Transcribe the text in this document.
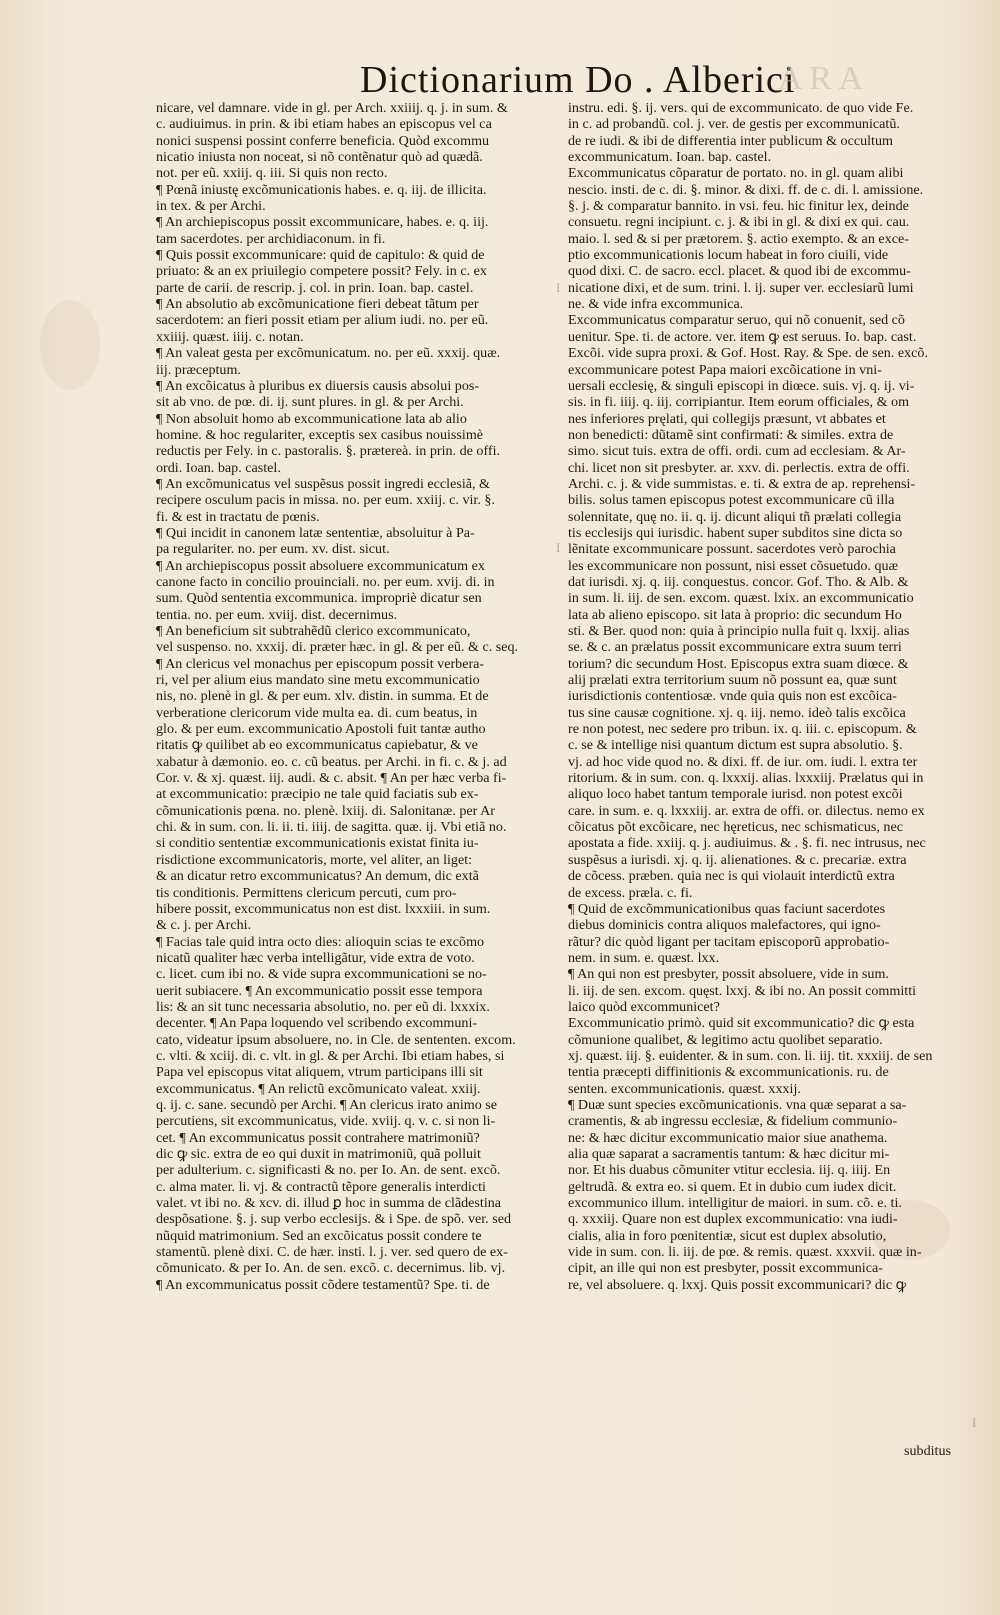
Dictionarium Do . Alberici
A R A
nicare, vel damnare. vide in gl. per Arch. xxiiij. q. j. in sum. &
c. audiuimus. in prin. & ibi etiam habes an episcopus vel ca
nonici suspensi possint conferre beneficia. Quòd excommu
nicatio iniusta non noceat, si nõ contẽnatur quò ad quædã.
not. per eũ. xxiij. q. iii. Si quis non recto.
¶ Pœnã iniustę excõmunicationis habes. e. q. iij. de illicita.
in tex. & per Archi.
¶ An archiepiscopus possit excommunicare, habes. e. q. iij.
tam sacerdotes. per archidiaconum. in fi.
¶ Quis possit excommunicare: quid de capitulo: & quid de
priuato: & an ex priuilegio competere possit? Fely. in c. ex
parte de carii. de rescrip. j. col. in prin. Ioan. bap. castel.
¶ An absolutio ab excõmunicatione fieri debeat tãtum per
sacerdotem: an fieri possit etiam per alium iudi. no. per eũ.
xxiiij. quæst. iiij. c. notan.
¶ An valeat gesta per excõmunicatum. no. per eũ. xxxij. quæ.
iij. præceptum.
¶ An excõicatus à pluribus ex diuersis causis absolui pos-
sit ab vno. de pœ. di. ij. sunt plures. in gl. & per Archi.
¶ Non absoluit homo ab excommunicatione lata ab alio
homine. & hoc regulariter, exceptis sex casibus nouissimè
reductis per Fely. in c. pastoralis. §. prætereà. in prin. de offi.
ordi. Ioan. bap. castel.
¶ An excõmunicatus vel suspẽsus possit ingredi ecclesiã, &
recipere osculum pacis in missa. no. per eum. xxiij. c. vir. §.
fi. & est in tractatu de pœnis.
¶ Qui incidit in canonem latæ sententiæ, absoluitur à Pa-
pa regulariter. no. per eum. xv. dist. sicut.
¶ An archiepiscopus possit absoluere excommunicatum ex
canone facto in concilio prouinciali. no. per eum. xvij. di. in
sum. Quòd sententia excommunica. impropriè dicatur sen
tentia. no. per eum. xviij. dist. decernimus.
¶ An beneficium sit subtrahẽdũ clerico excommunicato,
vel suspenso. no. xxxij. di. præter hæc. in gl. & per eũ. & c. seq.
¶ An clericus vel monachus per episcopum possit verbera-
ri, vel per alium eius mandato sine metu excommunicatio
nis, no. plenè in gl. & per eum. xlv. distin. in summa. Et de
verberatione clericorum vide multa ea. di. cum beatus, in
glo. & per eum. excommunicatio Apostoli fuit tantæ autho
ritatis ꝙ quilibet ab eo excommunicatus capiebatur, & ve
xabatur à dæmonio. eo. c. cũ beatus. per Archi. in fi. c. & j. ad
Cor. v. & xj. quæst. iij. audi. & c. absit. ¶ An per hæc verba fi-
at excommunicatio: præcipio ne tale quid faciatis sub ex-
cõmunicationis pœna. no. plenè. lxiij. di. Salonitanæ. per Ar
chi. & in sum. con. li. ii. ti. iiij. de sagitta. quæ. ij. Vbi etiã no.
si conditio sententiæ excommunicationis existat finita iu-
risdictione excommunicatoris, morte, vel aliter, an liget:
& an dicatur retro excommunicatus? An demum, dic extã
tis conditionis. Permittens clericum percuti, cum pro-
hibere possit, excommunicatus non est dist. lxxxiii. in sum.
& c. j. per Archi.
¶ Facias tale quid intra octo dies: alioquin scias te excõmo
nicatũ qualiter hæc verba intelligãtur, vide extra de voto.
c. licet. cum ibi no. & vide supra excommunicationi se no-
uerit subiacere. ¶ An excommunicatio possit esse tempora
lis: & an sit tunc necessaria absolutio, no. per eũ di. lxxxix.
decenter. ¶ An Papa loquendo vel scribendo excommuni-
cato, videatur ipsum absoluere, no. in Cle. de sententen. excom.
c. vlti. & xciij. di. c. vlt. in gl. & per Archi. Ibi etiam habes, si
Papa vel episcopus vitat aliquem, vtrum participans illi sit
excommunicatus. ¶ An relictũ excõmunicato valeat. xxiij.
q. ij. c. sane. secundò per Archi. ¶ An clericus irato animo se
percutiens, sit excommunicatus, vide. xviij. q. v. c. si non li-
cet. ¶ An excommunicatus possit contrahere matrimoniũ?
dic ꝙ sic. extra de eo qui duxit in matrimoniũ, quã polluit
per adulterium. c. significasti & no. per Io. An. de sent. excõ.
c. alma mater. li. vj. & contractũ tẽpore generalis interdicti
valet. vt ibi no. & xcv. di. illud ꝑ hoc in summa de clãdestina
despõsatione. §. j. sup verbo ecclesijs. & i Spe. de spõ. ver. sed
nũquid matrimonium. Sed an excõicatus possit condere te
stamentũ. plenè dixi. C. de hær. insti. l. j. ver. sed quero de ex-
cõmunicato. & per Io. An. de sen. excõ. c. decernimus. lib. vj.
¶ An excommunicatus possit cõdere testamentũ? Spe. ti. de
instru. edi. §. ij. vers. qui de excommunicato. de quo vide Fe.
in c. ad probandũ. col. j. ver. de gestis per excommunicatũ.
de re iudi. & ibi de differentia inter publicum & occultum
excommunicatum. Ioan. bap. castel.
Excommunicatus cõparatur de portato. no. in gl. quam alibi
nescio. insti. de c. di. §. minor. & dixi. ff. de c. di. l. amissione.
§. j. & comparatur bannito. in vsi. feu. hic finitur lex, deinde
consuetu. regni incipiunt. c. j. & ibi in gl. & dixi ex qui. cau.
maio. l. sed & si per prætorem. §. actio exempto. & an exce-
ptio excommunicationis locum habeat in foro ciuili, vide
quod dixi. C. de sacro. eccl. placet. & quod ibi de excommu-
nicatione dixi, et de sum. trini. l. ij. super ver. ecclesiarũ lumi
ne. & vide infra excommunica.
Excommunicatus comparatur seruo, qui nõ conuenit, sed cõ
uenitur. Spe. ti. de actore. ver. item ꝙ est seruus. Io. bap. cast.
Excõi. vide supra proxi. & Gof. Host. Ray. & Spe. de sen. excõ.
excommunicare potest Papa maiori excõicatione in vni-
uersali ecclesię, & singuli episcopi in diœce. suis. vj. q. ij. vi-
sis. in fi. iiij. q. iij. corripiantur. Item eorum officiales, & om
nes inferiores pręlati, qui collegijs præsunt, vt abbates et
non benedicti: dũtamẽ sint confirmati: & similes. extra de
simo. sicut tuis. extra de offi. ordi. cum ad ecclesiam. & Ar-
chi. licet non sit presbyter. ar. xxv. di. perlectis. extra de offi.
Archi. c. j. & vide summistas. e. ti. & extra de ap. reprehensi-
bilis. solus tamen episcopus potest excommunicare cũ illa
solennitate, quę no. ii. q. ij. dicunt aliqui tñ prælati collegia
tis ecclesijs qui iurisdic. habent super subditos sine dicta so
lẽnitate excommunicare possunt. sacerdotes verò parochia
les excommunicare non possunt, nisi esset cõsuetudo. quæ
dat iurisdi. xj. q. iij. conquestus. concor. Gof. Tho. & Alb. &
in sum. li. iij. de sen. excom. quæst. lxix. an excommunicatio
lata ab alieno episcopo. sit lata à proprio: dic secundum Ho
sti. & Ber. quod non: quia à principio nulla fuit q. lxxij. alias
se. & c. an prælatus possit excommunicare extra suum terri
torium? dic secundum Host. Episcopus extra suam diœce. &
alij prælati extra territorium suum nõ possunt ea, quæ sunt
iurisdictionis contentiosæ. vnde quia quis non est excõica-
tus sine causæ cognitione. xj. q. iij. nemo. ideò talis excõica
re non potest, nec sedere pro tribun. ix. q. iii. c. episcopum. &
c. se & intellige nisi quantum dictum est supra absolutio. §.
vj. ad hoc vide quod no. & dixi. ff. de iur. om. iudi. l. extra ter
ritorium. & in sum. con. q. lxxxij. alias. lxxxiij. Prælatus qui in
aliquo loco habet tantum temporale iurisd. non potest excõi
care. in sum. e. q. lxxxiij. ar. extra de offi. or. dilectus. nemo ex
cõicatus põt excõicare, nec hęreticus, nec schismaticus, nec
apostata a fide. xxiij. q. j. audiuimus. & . §. fi. nec intrusus, nec
suspẽsus a iurisdi. xj. q. ij. alienationes. & c. precariæ. extra
de cõcess. præben. quia nec is qui violauit interdictũ extra
de excess. præla. c. fi.
¶ Quid de excõmmunicationibus quas faciunt sacerdotes
diebus dominicis contra aliquos malefactores, qui igno-
rãtur? dic quòd ligant per tacitam episcoporũ approbatio-
nem. in sum. e. quæst. lxx.
¶ An qui non est presbyter, possit absoluere, vide in sum.
li. iij. de sen. excom. quęst. lxxj. & ibi no. An possit committi
laico quòd excommunicet?
Excommunicatio primò. quid sit excommunicatio? dic ꝙ esta
cõmunione qualibet, & legitimo actu quolibet separatio.
xj. quæst. iij. §. euidenter. & in sum. con. li. iij. tit. xxxiij. de sen
tentia præcepti diffinitionis & excommunicationis. ru. de
senten. excommunicationis. quæst. xxxij.
¶ Duæ sunt species excõmunicationis. vna quæ separat a sa-
cramentis, & ab ingressu ecclesiæ, & fidelium communio-
ne: & hæc dicitur excommunicatio maior siue anathema.
alia quæ saparat a sacramentis tantum: & hæc dicitur mi-
nor. Et his duabus cõmuniter vtitur ecclesia. iij. q. iiij. En
geltrudã. & extra eo. si quem. Et in dubio cum iudex dicit.
excommunico illum. intelligitur de maiori. in sum. cõ. e. ti.
q. xxxiij. Quare non est duplex excommunicatio: vna iudi-
cialis, alia in foro pœnitentiæ, sicut est duplex absolutio,
vide in sum. con. li. iij. de pœ. & remis. quæst. xxxvii. quæ in-
cipit, an ille qui non est presbyter, possit excommunica-
re, vel absoluere. q. lxxj. Quis possit excommunicari? dic ꝙ
subditus
I
I
I
